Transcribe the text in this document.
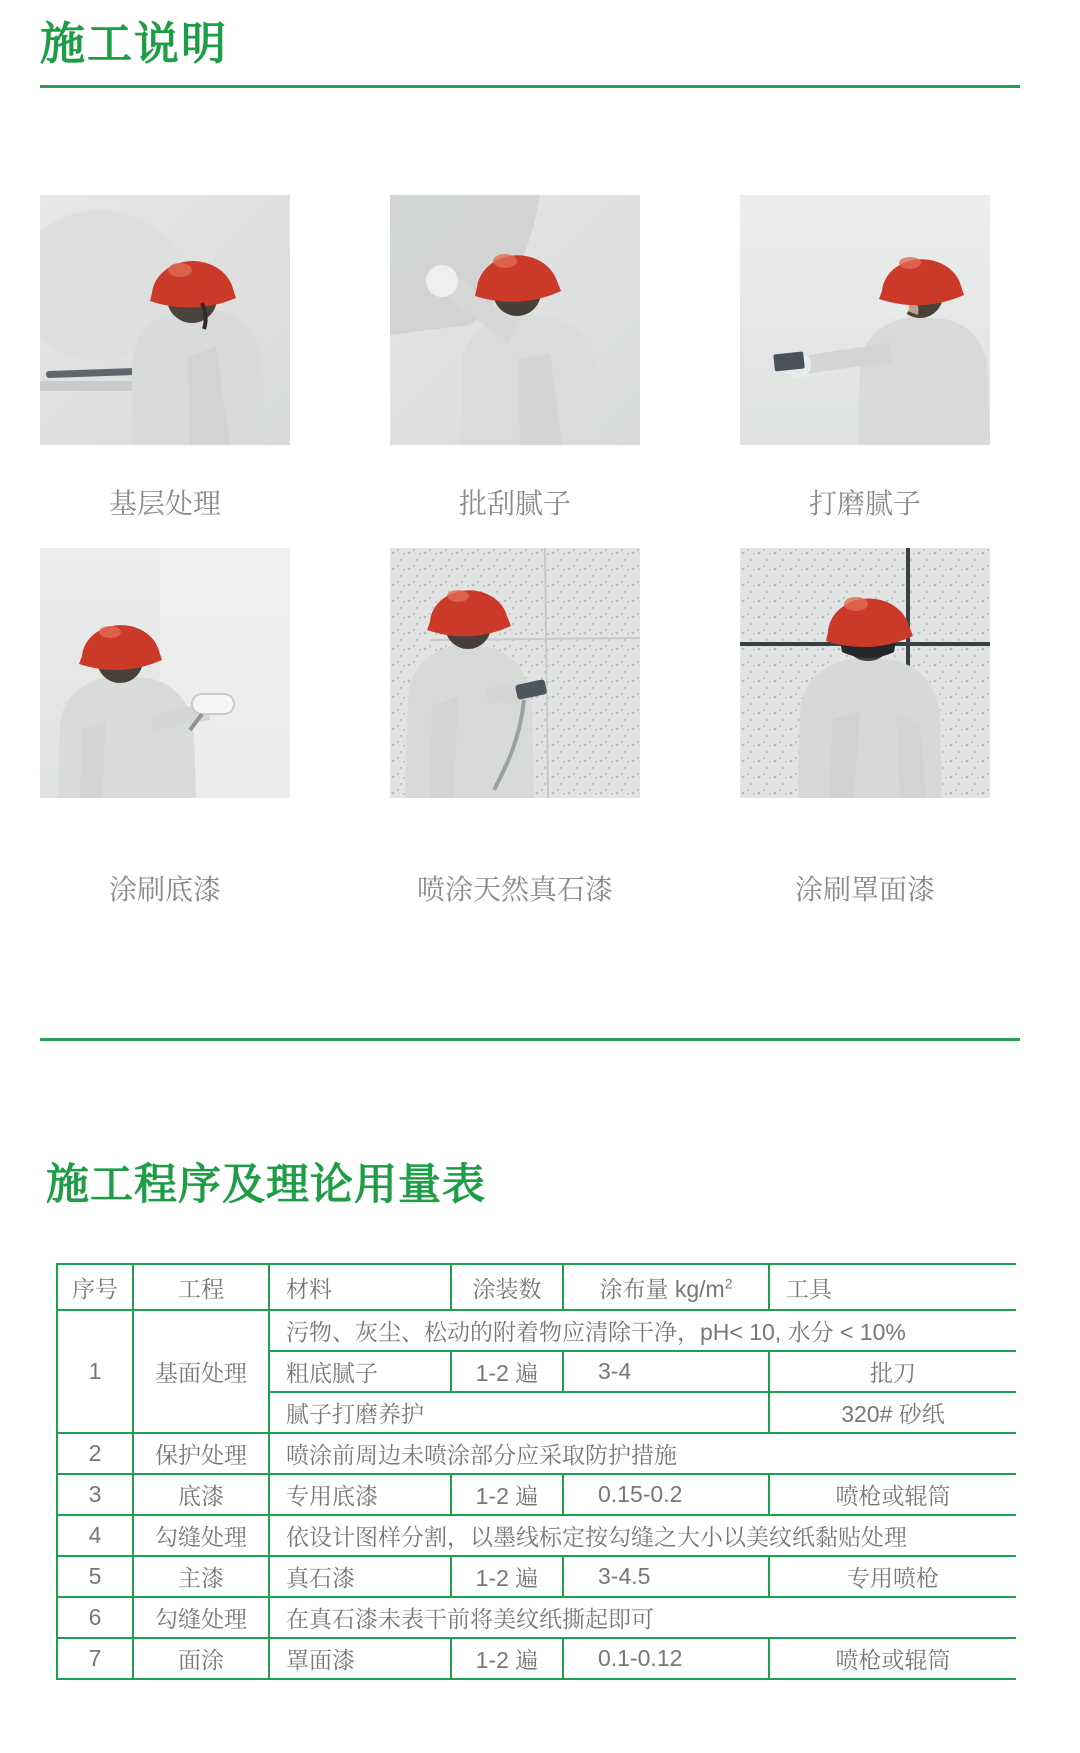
施工说明
基层处理	批刮腻子	打磨腻子
涂刷底漆	喷涂天然真石漆	涂刷罩面漆
施工程序及理论用量表
序号	工程	材料	涂装数	涂布量 $kg/m^2$	工具
1	基面处理	污物、灰尘、松动的附着物应清除干净，pH< 10, 水分 < 10%			
		粗底腻子	1-2 遍	3-4	批刀
		腻子打磨养护			320# 砂纸
2	保护处理	喷涂前周边未喷涂部分应采取防护措施			
3	底漆	专用底漆	1-2 遍	0.15-0.2	喷枪或辊筒
4	勾缝处理	依设计图样分割，以墨线标定按勾缝之大小以美纹纸黏贴处理			
5	主漆	真石漆	1-2 遍	3-4.5	专用喷枪
6	勾缝处理	在真石漆未表干前将美纹纸撕起即可			
7	面涂	罩面漆	1-2 遍	0.1-0.12	喷枪或辊筒
